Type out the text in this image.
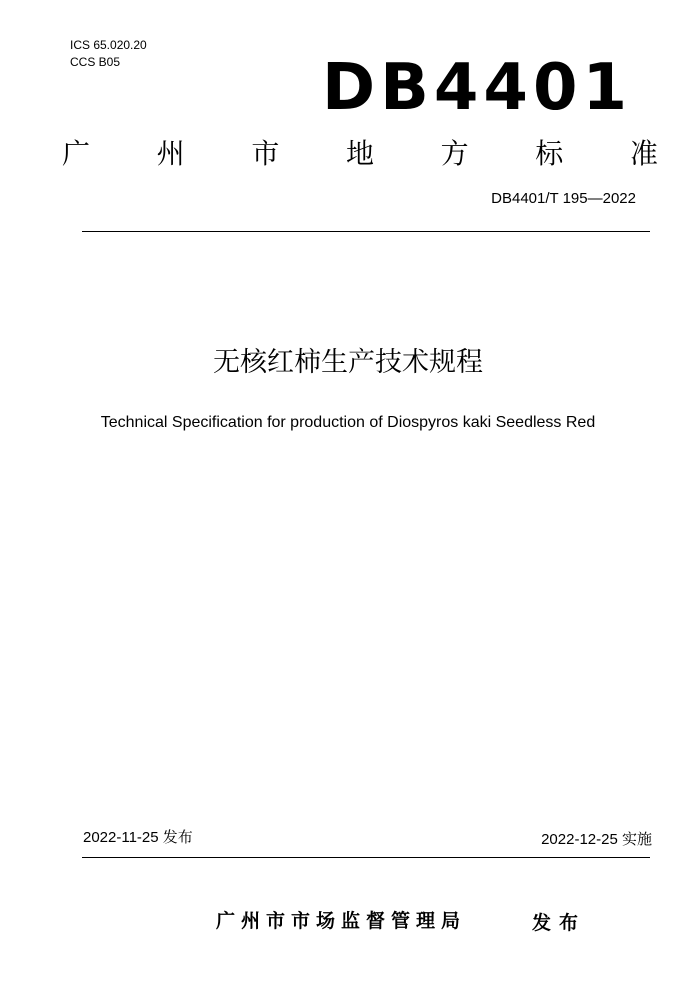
ICS 65.020.20
CCS B05	DB4401
广 州 市 地 方 标 准
DB4401/T 195—2022
无核红柿生产技术规程
Technical Specification for production of Diospyros kaki Seedless Red
2022-11-25 发布	2022-12-25 实施
广州市市场监督管理局	发布
